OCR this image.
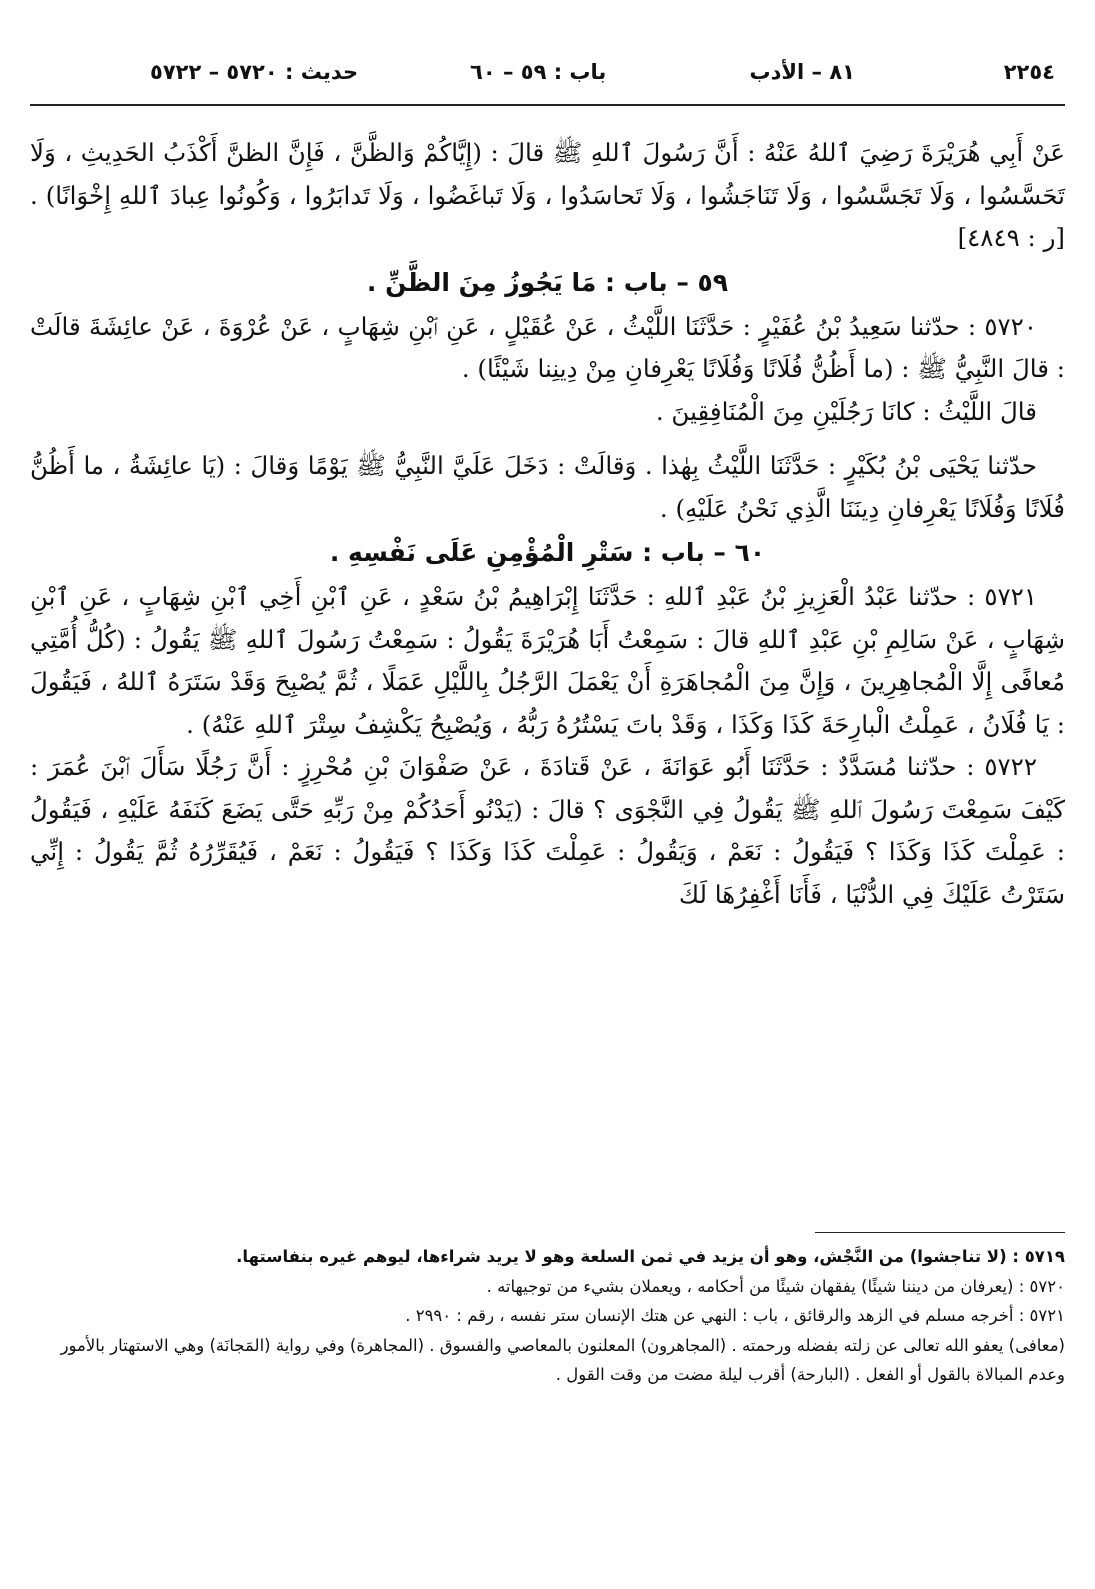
٢٢٥٤
٨١ – الأدب
باب : ٥٩ – ٦٠
حديث : ٥٧٢٠ – ٥٧٢٢

عَنْ أَبِي هُرَيْرَةَ رَضِيَ ٱللهُ عَنْهُ : أَنَّ رَسُولَ ٱللهِ ﷺ قالَ : (إِيَّاكُمْ وَالظَّنَّ ، فَإِنَّ الظنَّ أَكْذَبُ الحَدِيثِ ، وَلَا تَحَسَّسُوا ، وَلَا تَجَسَّسُوا ، وَلَا تَنَاجَشُوا ، وَلَا تَحاسَدُوا ، وَلَا تَباغَضُوا ، وَلَا تَدابَرُوا ، وَكُونُوا عِبادَ ٱللهِ إِخْوَانًا) . [ر : ٤٨٤٩]

٥٩ – باب : مَا يَجُوزُ مِنَ الظَّنِّ .

٥٧٢٠ : حدّثنا سَعِيدُ بْنُ عُفَيْرٍ : حَدَّثَنَا اللَّيْثُ ، عَنْ عُقَيْلٍ ، عَنِ ٱبْنِ شِهَابٍ ، عَنْ عُرْوَةَ ، عَنْ عائِشَةَ قالَتْ : قالَ النَّبِيُّ ﷺ : (ما أَظُنُّ فُلَانًا وَفُلَانًا يَعْرِفانِ مِنْ دِينِنا شَيْئًا) .

قالَ اللَّيْثُ : كانَا رَجُلَيْنِ مِنَ الْمُنَافِقِينَ .

حدّثنا يَحْيَى بْنُ بُكَيْرٍ : حَدَّثَنَا اللَّيْثُ بِهٰذا . وَقالَتْ : دَخَلَ عَلَيَّ النَّبِيُّ ﷺ يَوْمًا وَقالَ : (يَا عائِشَةُ ، ما أَظُنُّ فُلَانًا وَفُلَانًا يَعْرِفانِ دِينَنَا الَّذِي نَحْنُ عَلَيْهِ) .

٦٠ – باب : سَتْرِ الْمُؤْمِنِ عَلَى نَفْسِهِ .

٥٧٢١ : حدّثنا عَبْدُ الْعَزِيزِ بْنُ عَبْدِ ٱللهِ : حَدَّثَنَا إِبْرَاهِيمُ بْنُ سَعْدٍ ، عَنِ ٱبْنِ أَخِي ٱبْنِ شِهَابٍ ، عَنِ ٱبْنِ شِهَابٍ ، عَنْ سَالِمِ بْنِ عَبْدِ ٱللهِ قالَ : سَمِعْتُ أَبَا هُرَيْرَةَ يَقُولُ : سَمِعْتُ رَسُولَ ٱللهِ ﷺ يَقُولُ : (كُلُّ أُمَّتِي مُعافًى إِلَّا الْمُجاهِرِينَ ، وَإِنَّ مِنَ الْمُجاهَرَةِ أَنْ يَعْمَلَ الرَّجُلُ بِاللَّيْلِ عَمَلًا ، ثُمَّ يُصْبِحَ وَقَدْ سَتَرَهُ ٱللهُ ، فَيَقُولَ : يَا فُلَانُ ، عَمِلْتُ الْبارِحَةَ كَذَا وَكَذَا ، وَقَدْ باتَ يَسْتُرُهُ رَبُّهُ ، وَيُصْبِحُ يَكْشِفُ سِتْرَ ٱللهِ عَنْهُ) .

٥٧٢٢ : حدّثنا مُسَدَّدٌ : حَدَّثَنَا أَبُو عَوَانَةَ ، عَنْ قَتادَةَ ، عَنْ صَفْوَانَ بْنِ مُحْرِزٍ : أَنَّ رَجُلًا سَأَلَ ٱبْنَ عُمَرَ : كَيْفَ سَمِعْتَ رَسُولَ ٱللهِ ﷺ يَقُولُ فِي النَّجْوَى ؟ قالَ : (يَدْنُو أَحَدُكُمْ مِنْ رَبِّهِ حَتَّى يَضَعَ كَنَفَهُ عَلَيْهِ ، فَيَقُولُ : عَمِلْتَ كَذَا وَكَذَا ؟ فَيَقُولُ : نَعَمْ ، وَيَقُولُ : عَمِلْتَ كَذَا وَكَذَا ؟ فَيَقُولُ : نَعَمْ ، فَيُقَرِّرُهُ ثُمَّ يَقُولُ : إِنِّي سَتَرْتُ عَلَيْكَ فِي الدُّنْيَا ، فَأَنَا أَغْفِرُهَا لَكَ

٥٧١٩ : (لا تناجشوا) من النَّجْش، وهو أن يزيد في ثمن السلعة وهو لا يريد شراءها، ليوهم غيره بنفاستها.

٥٧٢٠ : (يعرفان من ديننا شيئًا) يفقهان شيئًا من أحكامه ، ويعملان بشيء من توجيهاته .

٥٧٢١ : أخرجه مسلم في الزهد والرقائق ، باب : النهي عن هتك الإنسان ستر نفسه ، رقم : ٢٩٩٠ .

(معافى) يعفو الله تعالى عن زلته بفضله ورحمته . (المجاهرون) المعلنون بالمعاصي والفسوق . (المجاهرة) وفي رواية (المَجانَة) وهي الاستهتار بالأمور وعدم المبالاة بالقول أو الفعل . (البارحة) أقرب ليلة مضت من وقت القول .
